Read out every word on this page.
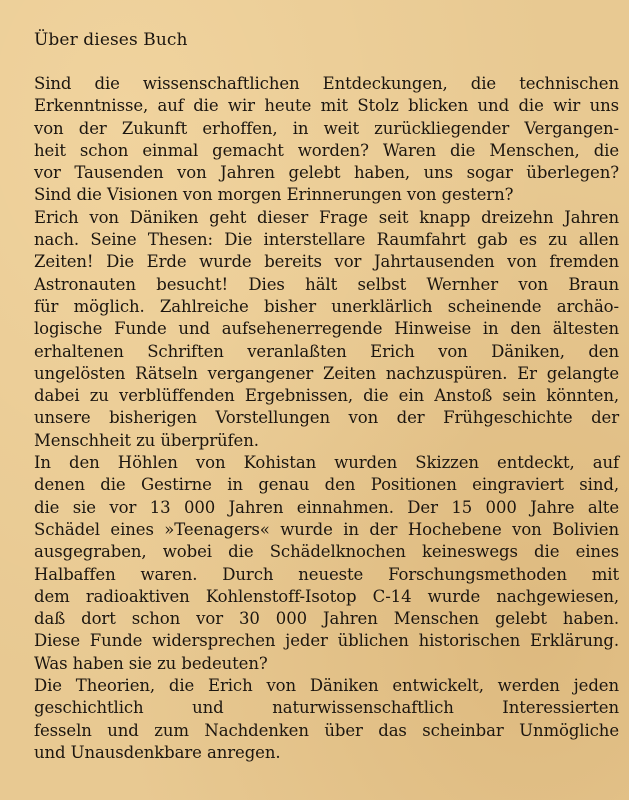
Über dieses Buch
Sind die wissenschaftlichen Entdeckungen, die technischen
Erkenntnisse, auf die wir heute mit Stolz blicken und die wir uns
von der Zukunft erhoffen, in weit zurückliegender Vergangen-
heit schon einmal gemacht worden? Waren die Menschen, die
vor Tausenden von Jahren gelebt haben, uns sogar überlegen?
Sind die Visionen von morgen Erinnerungen von gestern?
Erich von Däniken geht dieser Frage seit knapp dreizehn Jahren
nach. Seine Thesen: Die interstellare Raumfahrt gab es zu allen
Zeiten! Die Erde wurde bereits vor Jahrtausenden von fremden
Astronauten besucht! Dies hält selbst Wernher von Braun
für möglich. Zahlreiche bisher unerklärlich scheinende archäo-
logische Funde und aufsehenerregende Hinweise in den ältesten
erhaltenen Schriften veranlaßten Erich von Däniken, den
ungelösten Rätseln vergangener Zeiten nachzuspüren. Er gelangte
dabei zu verblüffenden Ergebnissen, die ein Anstoß sein könnten,
unsere bisherigen Vorstellungen von der Frühgeschichte der
Menschheit zu überprüfen.
In den Höhlen von Kohistan wurden Skizzen entdeckt, auf
denen die Gestirne in genau den Positionen eingraviert sind,
die sie vor 13 000 Jahren einnahmen. Der 15 000 Jahre alte
Schädel eines »Teenagers« wurde in der Hochebene von Bolivien
ausgegraben, wobei die Schädelknochen keineswegs die eines
Halbaffen waren. Durch neueste Forschungsmethoden mit
dem radioaktiven Kohlenstoff-Isotop C-14 wurde nachgewiesen,
daß dort schon vor 30 000 Jahren Menschen gelebt haben.
Diese Funde widersprechen jeder üblichen historischen Erklärung.
Was haben sie zu bedeuten?
Die Theorien, die Erich von Däniken entwickelt, werden jeden
geschichtlich und naturwissenschaftlich Interessierten
fesseln und zum Nachdenken über das scheinbar Unmögliche
und Unausdenkbare anregen.
